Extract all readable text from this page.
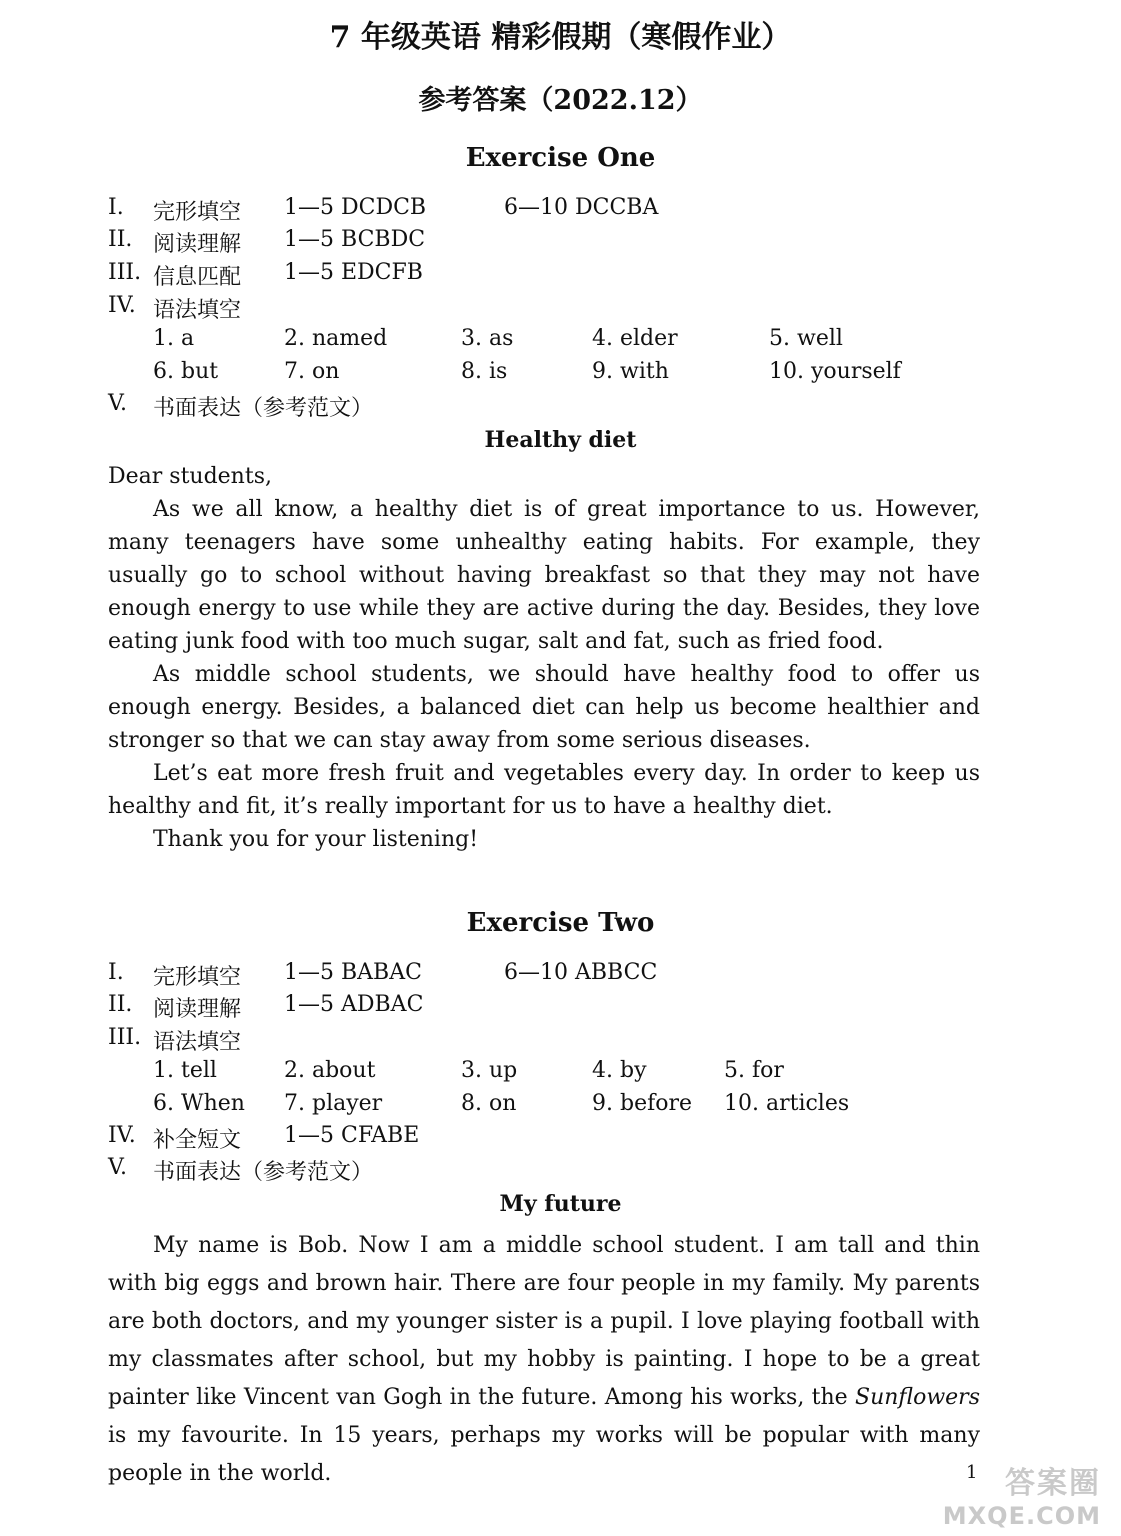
7 年级英语 精彩假期（寒假作业）
参考答案（2022.12）
Exercise One
I. 完形填空 1—5 DCDCB	6—10 DCCBA
II. 阅读理解 1—5 BCBDC
III. 信息匹配 1—5 EDCFB
IV. 语法填空
1. a	2. named	3. as	4. elder	5. well
6. but	7. on	8. is	9. with	10. yourself
V. 书面表达（参考范文）
Healthy diet

Dear students,

As we all know, a healthy diet is of great importance to us. However, many teenagers have some unhealthy eating habits. For example, they usually go to school without having breakfast so that they may not have enough energy to use while they are active during the day. Besides, they love eating junk food with too much sugar, salt and fat, such as fried food.

As middle school students, we should have healthy food to offer us enough energy. Besides, a balanced diet can help us become healthier and stronger so that we can stay away from some serious diseases.

Let’s eat more fresh fruit and vegetables every day. In order to keep us healthy and fit, it’s really important for us to have a healthy diet.

Thank you for your listening!

Exercise Two
I. 完形填空 1—5 BABAC	6—10 ABBCC
II. 阅读理解 1—5 ADBAC
III. 语法填空
1. tell	2. about	3. up	4. by	5. for
6. When 7. player	8. on	9. before 10. articles
IV. 补全短文 1—5 CFABE
V. 书面表达（参考范文）
My future

My name is Bob. Now I am a middle school student. I am tall and thin with big eggs and brown hair. There are four people in my family. My parents are both doctors, and my younger sister is a pupil. I love playing football with my classmates after school, but my hobby is painting. I hope to be a great painter like Vincent van Gogh in the future. Among his works, the Sunflowers is my favourite. In 15 years, perhaps my works will be popular with many people in the world.	1 答案圈
MXQE.COM
